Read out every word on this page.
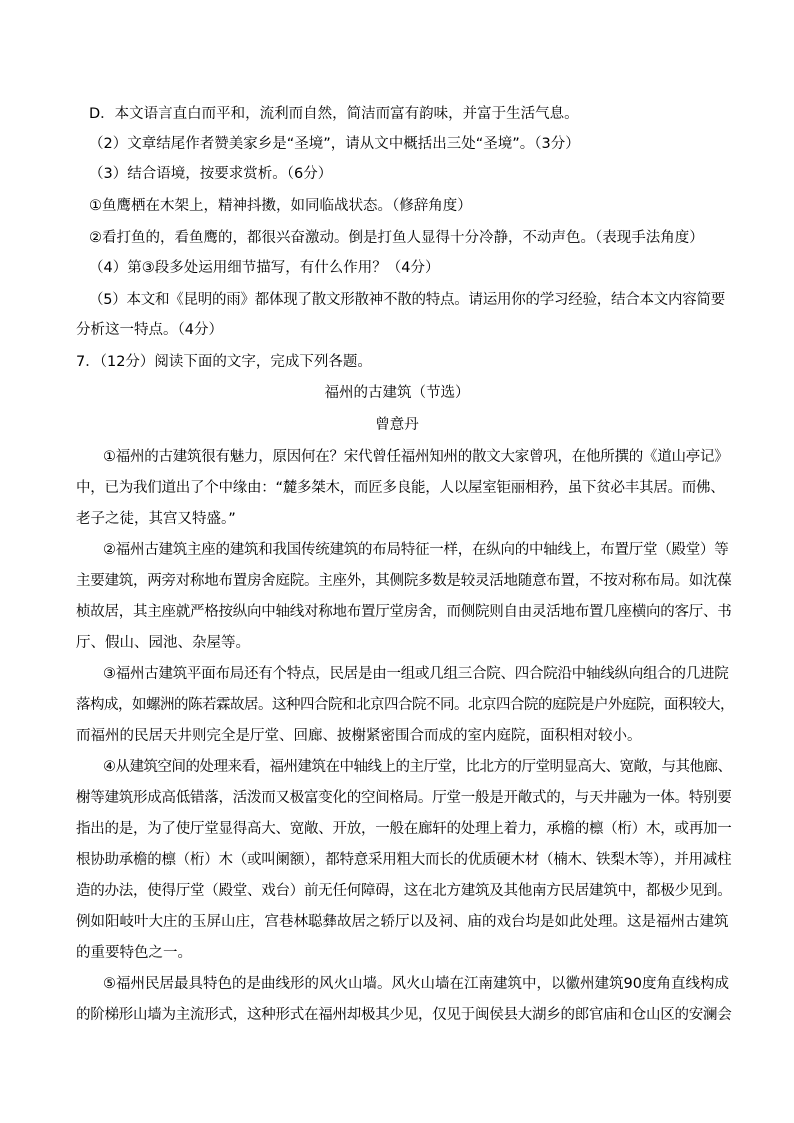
D．本文语言直白而平和，流利而自然，简洁而富有韵味，并富于生活气息。
（2）文章结尾作者赞美家乡是“圣境”，请从文中概括出三处“圣境”。（3分）
（3）结合语境，按要求赏析。（6分）
①鱼鹰栖在木架上，精神抖擞，如同临战状态。（修辞角度）
②看打鱼的，看鱼鹰的，都很兴奋激动。倒是打鱼人显得十分冷静，不动声色。（表现手法角度）
（4）第③段多处运用细节描写，有什么作用？（4分）
（5）本文和《昆明的雨》都体现了散文形散神不散的特点。请运用你的学习经验，结合本文内容简要
分析这一特点。（4分）
7．（12分）阅读下面的文字，完成下列各题。
福州的古建筑（节选）
曾意丹
①福州的古建筑很有魅力，原因何在？宋代曾任福州知州的散文大家曾巩，在他所撰的《道山亭记》
中，已为我们道出了个中缘由：“麓多桀木，而匠多良能，人以屋室钜丽相矜，虽下贫必丰其居。而佛、
老子之徒，其宫又特盛。”
②福州古建筑主座的建筑和我国传统建筑的布局特征一样，在纵向的中轴线上，布置厅堂（殿堂）等
主要建筑，两旁对称地布置房舍庭院。主座外，其侧院多数是较灵活地随意布置，不按对称布局。如沈葆
桢故居，其主座就严格按纵向中轴线对称地布置厅堂房舍，而侧院则自由灵活地布置几座横向的客厅、书
厅、假山、园池、杂屋等。
③福州古建筑平面布局还有个特点，民居是由一组或几组三合院、四合院沿中轴线纵向组合的几进院
落构成，如螺洲的陈若霖故居。这种四合院和北京四合院不同。北京四合院的庭院是户外庭院，面积较大，
而福州的民居天井则完全是厅堂、回廊、披榭紧密围合而成的室内庭院，面积相对较小。
④从建筑空间的处理来看，福州建筑在中轴线上的主厅堂，比北方的厅堂明显高大、宽敞，与其他廊、
榭等建筑形成高低错落，活泼而又极富变化的空间格局。厅堂一般是开敞式的，与天井融为一体。特别要
指出的是，为了使厅堂显得高大、宽敞、开放，一般在廊轩的处理上着力，承檐的檩（桁）木，或再加一
根协助承檐的檩（桁）木（或叫阑额），都特意采用粗大而长的优质硬木材（楠木、铁梨木等），并用减柱
造的办法，使得厅堂（殿堂、戏台）前无任何障碍，这在北方建筑及其他南方民居建筑中，都极少见到。
例如阳岐叶大庄的玉屏山庄，宫巷林聪彝故居之轿厅以及祠、庙的戏台均是如此处理。这是福州古建筑
的重要特色之一。
⑤福州民居最具特色的是曲线形的风火山墙。风火山墙在江南建筑中，以徽州建筑90度角直线构成
的阶梯形山墙为主流形式，这种形式在福州却极其少见，仅见于闽侯县大湖乡的郎官庙和仓山区的安澜会
